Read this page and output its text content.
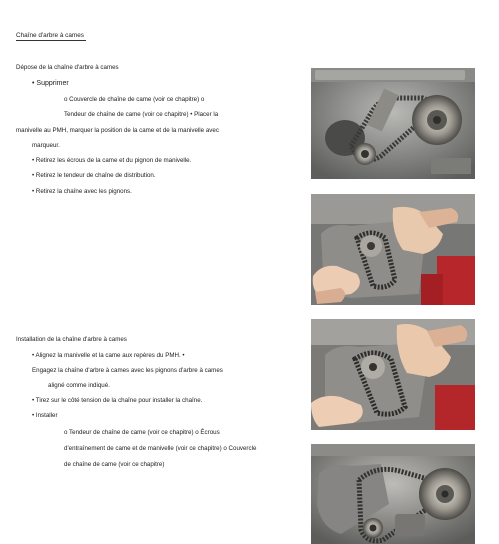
Chaîne d'arbre à cames
Dépose de la chaîne d'arbre à cames
• Supprimer
o Couvercle de chaîne de came (voir ce chapitre) o
Tendeur de chaîne de came (voir ce chapitre) • Placer la
manivelle au PMH, marquer la position de la came et de la manivelle avec
marqueur.
• Retirez les écrous de la came et du pignon de manivelle.
• Retirez le tendeur de chaîne de distribution.
• Retirez la chaîne avec les pignons.
Installation de la chaîne d'arbre à cames
• Alignez la manivelle et la came aux repères du PMH. •
Engagez la chaîne d'arbre à cames avec les pignons d'arbre à cames
aligné comme indiqué.
• Tirez sur le côté tension de la chaîne pour installer la chaîne.
• Installer
o Tendeur de chaîne de came (voir ce chapitre) o Écrous
d'entraînement de came et de manivelle (voir ce chapitre) o Couvercle
de chaîne de came (voir ce chapitre)
